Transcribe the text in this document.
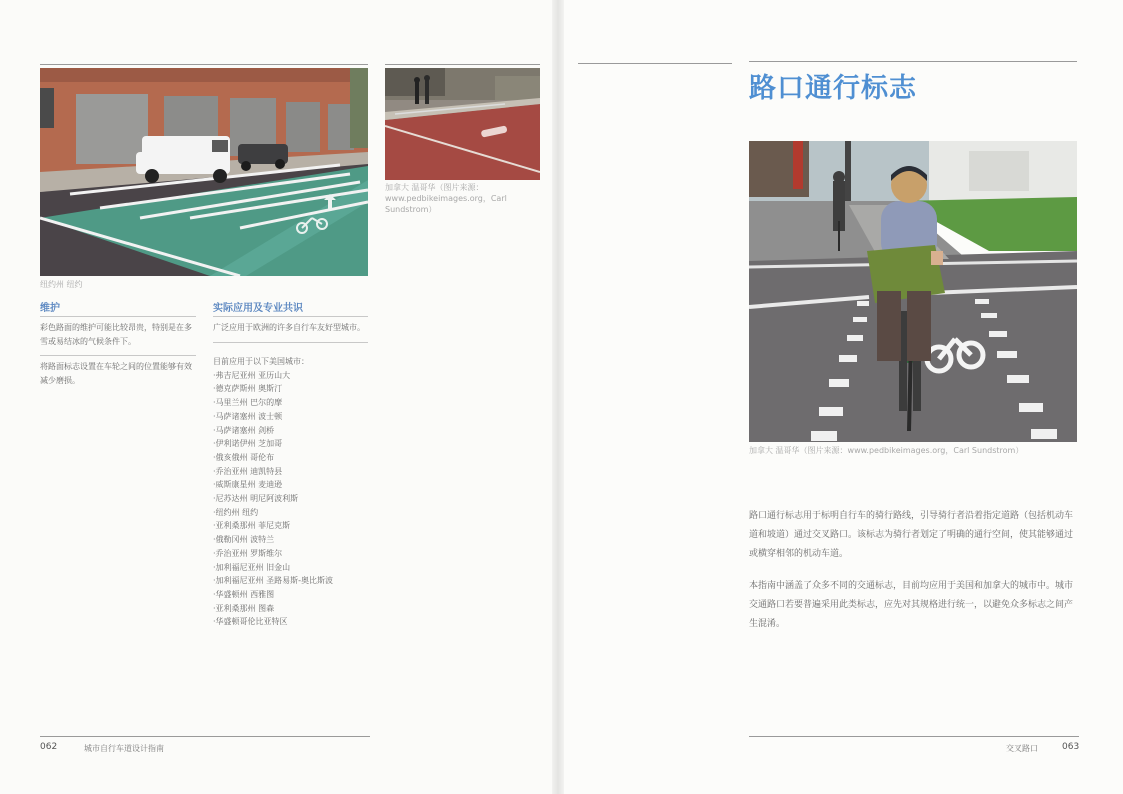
纽约州 纽约
加拿大 温哥华（图片来源：www.pedbikeimages.org，Carl Sundstrom）
维护
彩色路面的维护可能比较昂贵，特别是在多雪或易结冰的气候条件下。
将路面标志设置在车轮之间的位置能够有效减少磨损。
实际应用及专业共识
广泛应用于欧洲的许多自行车友好型城市。
目前应用于以下美国城市：
·弗吉尼亚州 亚历山大
·德克萨斯州 奥斯汀
·马里兰州 巴尔的摩
·马萨诸塞州 波士顿
·马萨诸塞州 剑桥
·伊利诺伊州 芝加哥
·俄亥俄州 哥伦布
·乔治亚州 迪凯特县
·威斯康星州 麦迪逊
·尼苏达州 明尼阿波利斯
·纽约州 纽约
·亚利桑那州 菲尼克斯
·俄勒冈州 波特兰
·乔治亚州 罗斯维尔
·加利福尼亚州 旧金山
·加利福尼亚州 圣路易斯-奥比斯波
·华盛顿州 西雅图
·亚利桑那州 图森
·华盛顿哥伦比亚特区
062	城市自行车道设计指南
路口通行标志
加拿大 温哥华（图片来源：www.pedbikeimages.org，Carl Sundstrom）
路口通行标志用于标明自行车的骑行路线，引导骑行者沿着指定道路（包括机动车道和坡道）通过交叉路口。该标志为骑行者划定了明确的通行空间，使其能够通过或横穿相邻的机动车道。
本指南中涵盖了众多不同的交通标志，目前均应用于美国和加拿大的城市中。城市交通路口若要普遍采用此类标志，应先对其规格进行统一，以避免众多标志之间产生混淆。
交叉路口	063
